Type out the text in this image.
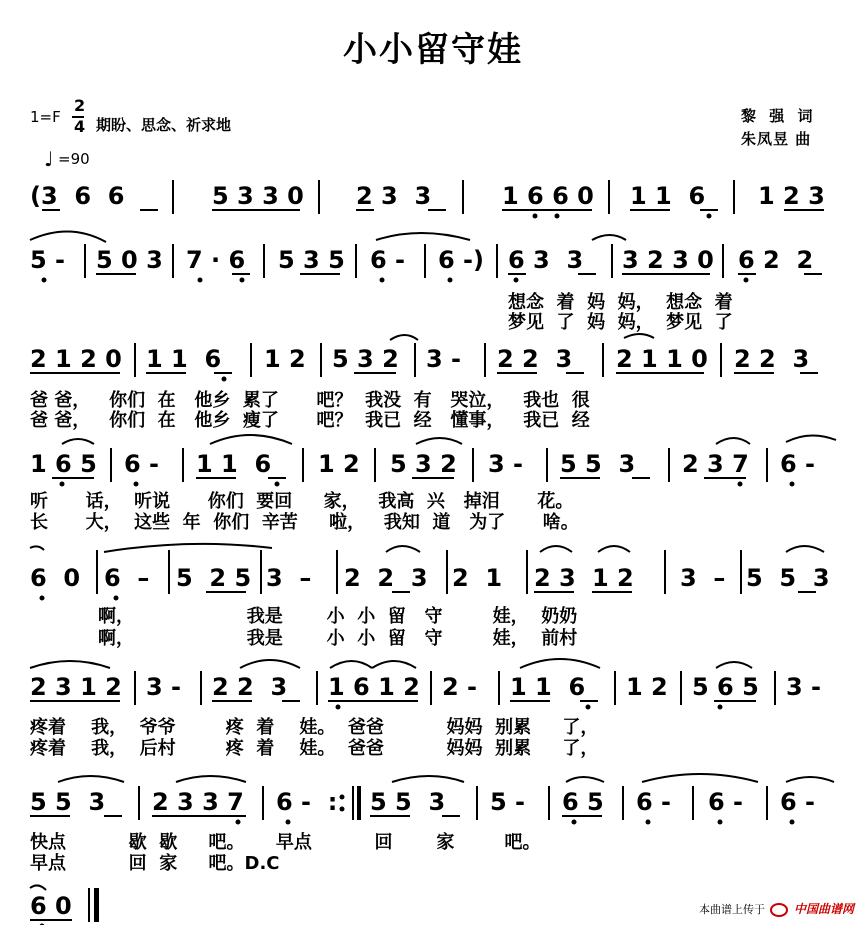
小小留守娃
1=F
2
4 期盼、思念、祈求地
♩ =90
黎 强 词
朱凤昱 曲
(3  6  6	5 3 3 0 2 3  3	1 6 6 0 1 1  6 1 2 3
5 - 5 0 3 7 · 6 5 3 5 6 - 6 -) 6 3  3 3 2 3 0 6 2  2
想念  着  妈  妈，  想念  着
梦见  了  妈  妈，  梦见  了
2 1 2 0 1 1  6 1 2 5 3 2 3 - 2 2  3 2 1 1 0 2 2  3
爸 爸，   你们  在   他乡  累了      吧？  我没  有   哭泣，   我也  很
爸 爸，   你们  在   他乡  瘦了      吧？  我已  经   懂事，   我已  经
1 6 5 6 - 1 1  6 1 2 5 3 2 3 - 5 5  3 2 3 7 6 -
听      话，  听说      你们  要回     家，   我高  兴   掉泪      花。
长      大，  这些  年  你们  辛苦     啦，   我知  道   为了      啥。
6  0 6  – 5  2 5 3  – 2  2  3 2  1 2 3 1 2 3  – 5  5  3
啊，                  我是       小  小  留   守        娃，  奶奶
啊，                  我是       小  小  留   守        娃，  前村
2 3 1 2 3 - 2 2  3 1 6 1 2 2 - 1 1  6 1 2 5 6 5 3 -
疼着    我，  爷爷        疼  着    娃。  爸爸          妈妈  别累     了，
疼着    我，  后村        疼  着    娃。  爸爸          妈妈  别累     了，
5 5  3 2 3 3 7 6 -  : 5 5  3 5 - 6 5 6 - 6 - 6 -
快点          歇  歇     吧。     早点          回       家        吧。
早点          回  家     吧。D.C
6 0	本曲谱上传于 中国曲谱网
